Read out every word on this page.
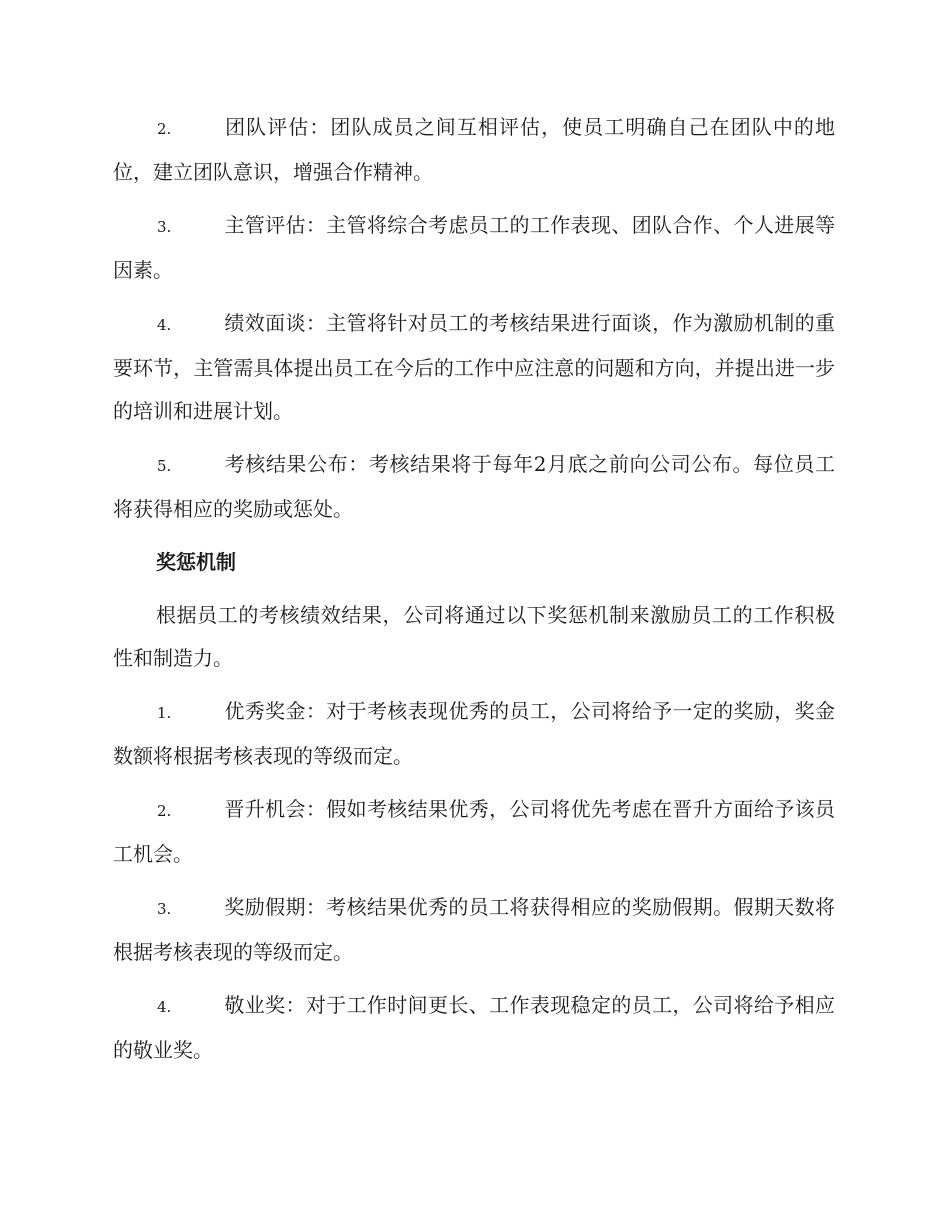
2.	团队评估：团队成员之间互相评估，使员工明确自己在团队中的地位，建立团队意识，增强合作精神。

3.	主管评估：主管将综合考虑员工的工作表现、团队合作、个人进展等因素。

4.	绩效面谈：主管将针对员工的考核结果进行面谈，作为激励机制的重要环节，主管需具体提出员工在今后的工作中应注意的问题和方向，并提出进一步的培训和进展计划。

5.	考核结果公布：考核结果将于每年2月底之前向公司公布。每位员工将获得相应的奖励或惩处。

奖惩机制

根据员工的考核绩效结果，公司将通过以下奖惩机制来激励员工的工作积极性和制造力。

1.	优秀奖金：对于考核表现优秀的员工，公司将给予一定的奖励，奖金数额将根据考核表现的等级而定。

2.	晋升机会：假如考核结果优秀，公司将优先考虑在晋升方面给予该员工机会。

3.	奖励假期：考核结果优秀的员工将获得相应的奖励假期。假期天数将根据考核表现的等级而定。

4.	敬业奖：对于工作时间更长、工作表现稳定的员工，公司将给予相应的敬业奖。
